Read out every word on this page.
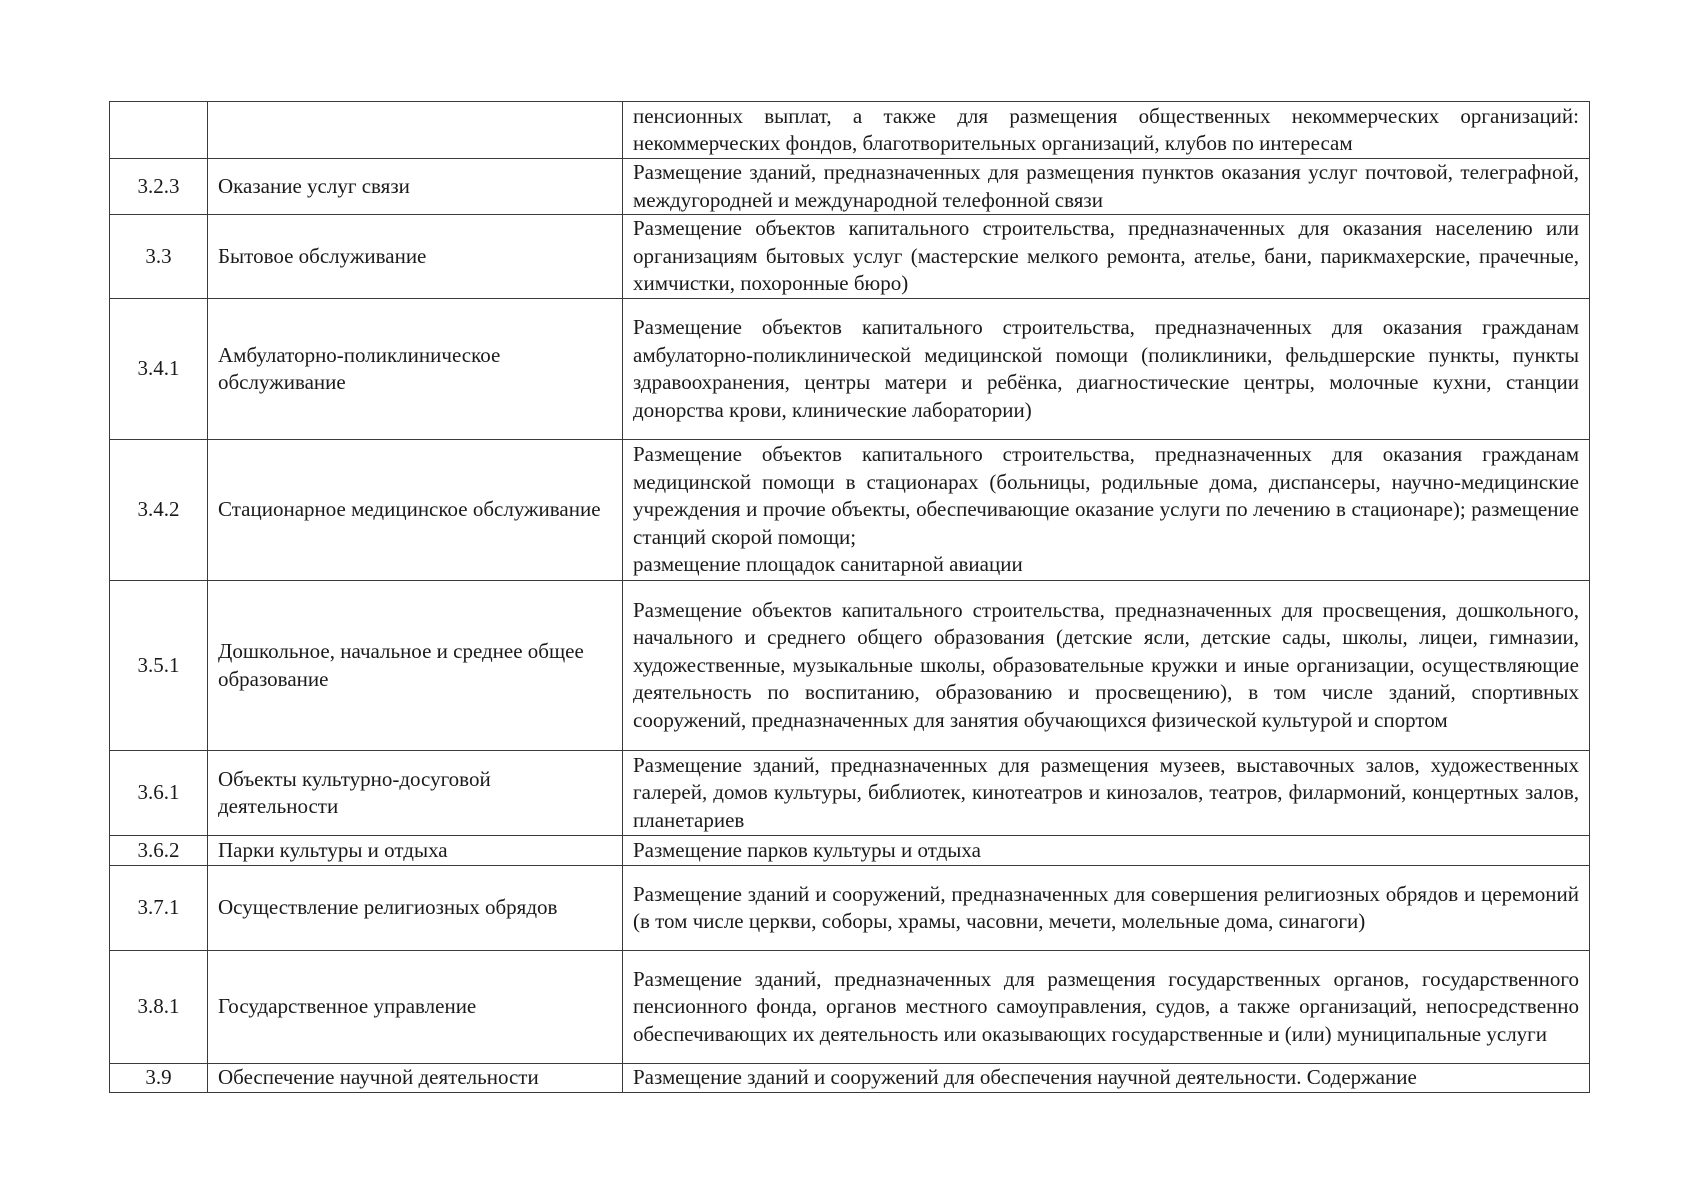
		пенсионных выплат, а также для размещения общественных некоммерческих организаций: некоммерческих фондов, благотворительных организаций, клубов по интересам
3.2.3	Оказание услуг связи	Размещение зданий, предназначенных для размещения пунктов оказания услуг почтовой, телеграфной, междугородней и международной телефонной связи
3.3	Бытовое обслуживание	Размещение объектов капитального строительства, предназначенных для оказания населению или организациям бытовых услуг (мастерские мелкого ремонта, ателье, бани, парикмахерские, прачечные, химчистки, похоронные бюро)
3.4.1	Амбулаторно-поликлиническое обслуживание	Размещение объектов капитального строительства, предназначенных для оказания гражданам амбулаторно-поликлинической медицинской помощи (поликлиники, фельдшерские пункты, пункты здравоохранения, центры матери и ребёнка, диагностические центры, молочные кухни, станции донорства крови, клинические лаборатории)
3.4.2	Стационарное медицинское обслуживание	Размещение объектов капитального строительства, предназначенных для оказания гражданам медицинской помощи в стационарах (больницы, родильные дома, диспансеры, научно-медицинские учреждения и прочие объекты, обеспечивающие оказание услуги по лечению в стационаре); размещение станций скорой помощи;
размещение площадок санитарной авиации

3.5.1	Дошкольное, начальное и среднее общее образование	Размещение объектов капитального строительства, предназначенных для просвещения, дошкольного, начального и среднего общего образования (детские ясли, детские сады, школы, лицеи, гимназии, художественные, музыкальные школы, образовательные кружки и иные организации, осуществляющие деятельность по воспитанию, образованию и просвещению), в том числе зданий, спортивных сооружений, предназначенных для занятия обучающихся физической культурой и спортом
3.6.1	Объекты культурно-досуговой деятельности	Размещение зданий, предназначенных для размещения музеев, выставочных залов, художественных галерей, домов культуры, библиотек, кинотеатров и кинозалов, театров, филармоний, концертных залов, планетариев
3.6.2	Парки культуры и отдыха	Размещение парков культуры и отдыха
3.7.1	Осуществление религиозных обрядов	Размещение зданий и сооружений, предназначенных для совершения религиозных обрядов и церемоний (в том числе церкви, соборы, храмы, часовни, мечети, молельные дома, синагоги)
3.8.1	Государственное управление	Размещение зданий, предназначенных для размещения государственных органов, государственного пенсионного фонда, органов местного самоуправления, судов, а также организаций, непосредственно обеспечивающих их деятельность или оказывающих государственные и (или) муниципальные услуги
3.9	Обеспечение научной деятельности	Размещение зданий и сооружений для обеспечения научной деятельности. Содержание
